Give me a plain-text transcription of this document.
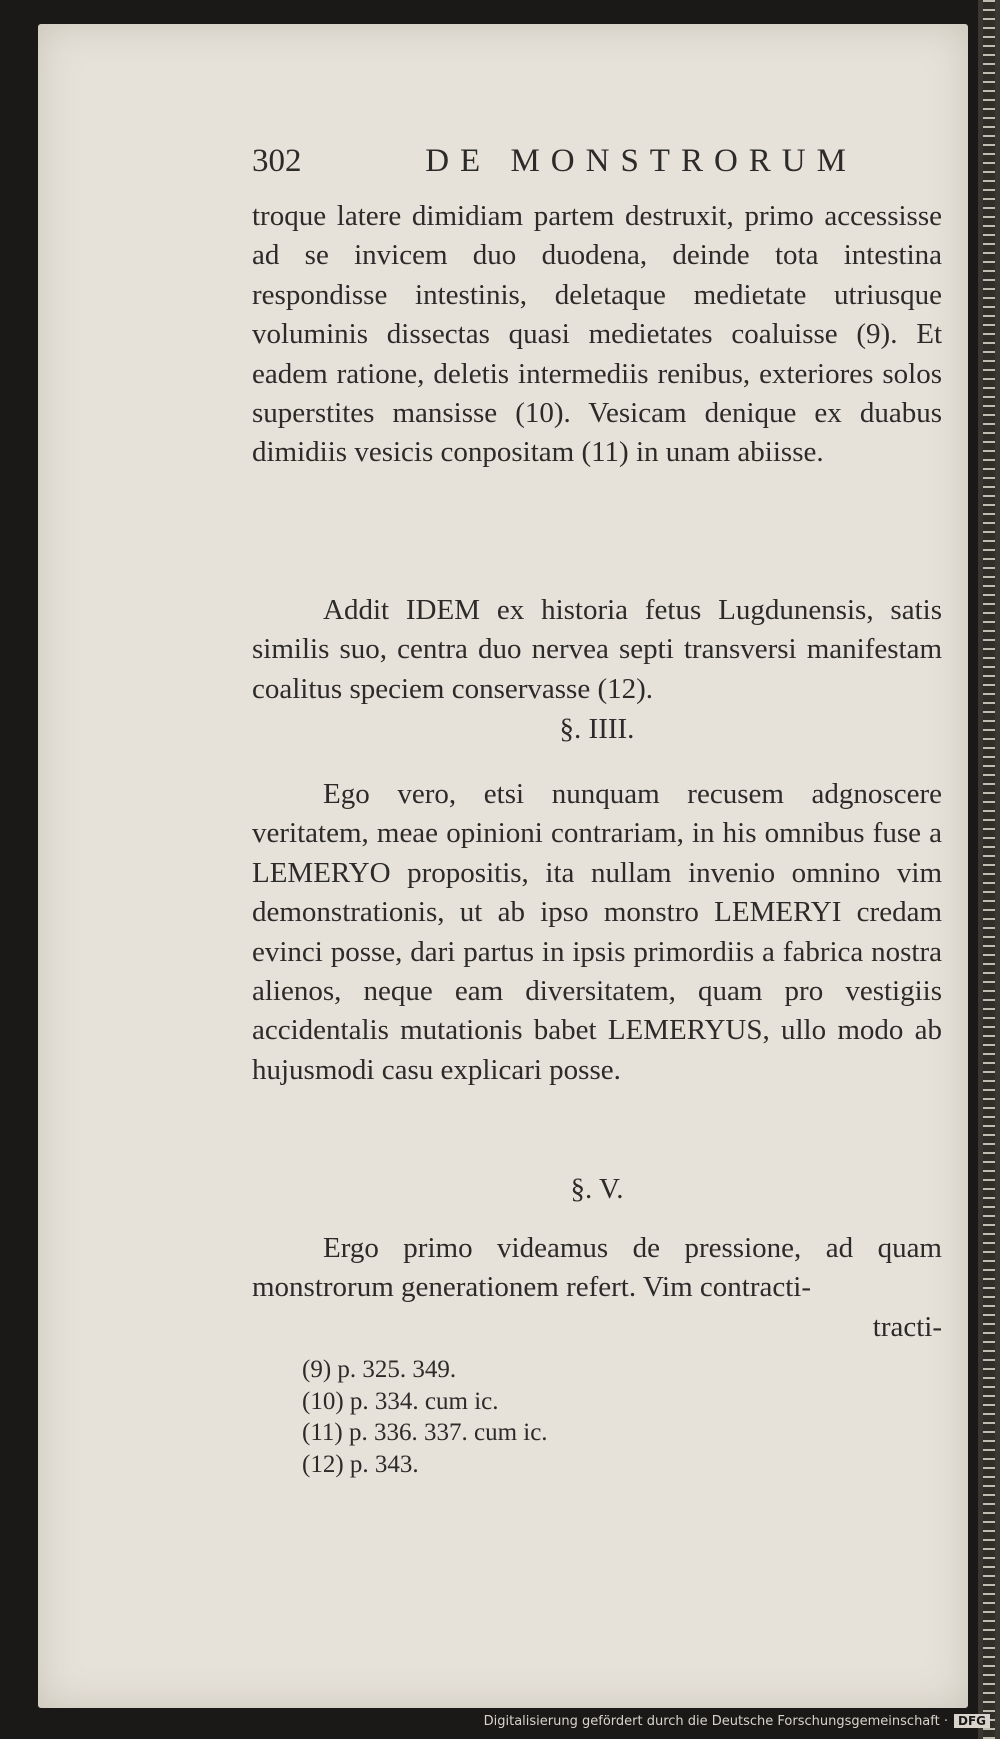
302	DE MONSTRORUM
troque latere dimidiam partem destruxit, primo accessisse ad se invicem duo duodena, deinde tota intestina respondisse intestinis, deletaque medietate utriusque voluminis dissectas quasi medietates coaluisse (9). Et eadem ratione, deletis intermediis renibus, exteriores solos superstites mansisse (10). Vesicam denique ex duabus dimidiis vesicis conpositam (11) in unam abiisse.
Addit IDEM ex historia fetus Lugdunensis, satis similis suo, centra duo nervea septi transversi manifestam coalitus speciem conservasse (12).
§. IIII.
Ego vero, etsi nunquam recusem adgnoscere veritatem, meae opinioni contrariam, in his omnibus fuse a LEMERYO propositis, ita nullam invenio omnino vim demonstrationis, ut ab ipso monstro LEMERYI credam evinci posse, dari partus in ipsis primordiis a fabrica nostra alienos, neque eam diversitatem, quam pro vestigiis accidentalis mutationis babet LEMERYUS, ullo modo ab hujusmodi casu explicari posse.
§. V.
Ergo primo videamus de pressione, ad quam monstrorum generationem refert. Vim contracti-
tracti-
(9) p. 325. 349.
(10) p. 334. cum ic.
(11) p. 336. 337. cum ic.
(12) p. 343.
Digitalisierung gefördert durch die Deutsche Forschungsgemeinschaft · DFG
